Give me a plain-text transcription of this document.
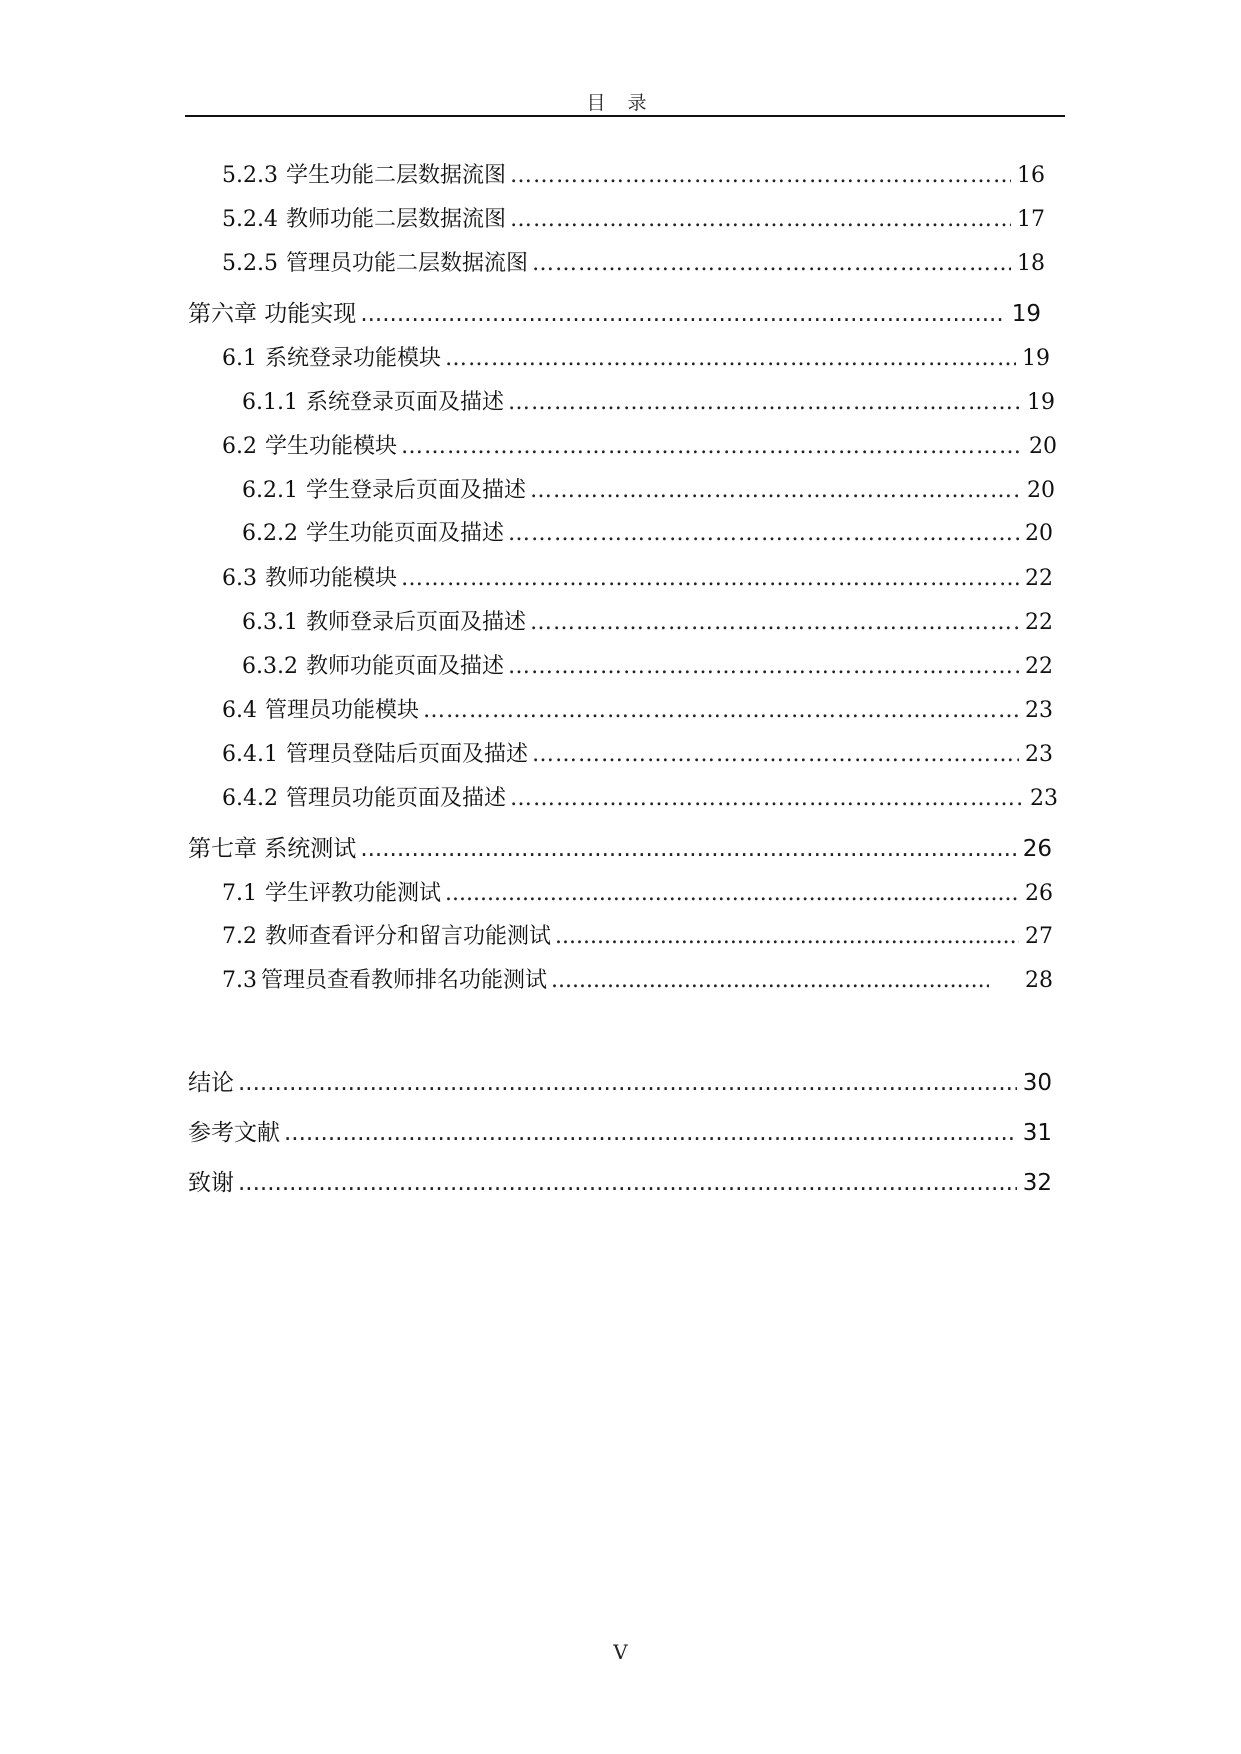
目 录
5.2.3 学生功能二层数据流图 ……………………………………………………………………………………………………………………………………………………………………	16
5.2.4 教师功能二层数据流图 ……………………………………………………………………………………………………………………………………………………………………	17
5.2.5 管理员功能二层数据流图 ……………………………………………………………………………………………………………………………………………………………………	18
第六章 功能实现 .....	19
6.1 系统登录功能模块 ……………………………………………………………………………………………………………………………………………………………………	19
6.1.1 系统登录页面及描述 ……………………………………………………………………………………………………………………………………………………………………	19
6.2 学生功能模块 ……………………………………………………………………………………………………………………………………………………………………	20
6.2.1 学生登录后页面及描述 ……………………………………………………………………………………………………………………………………………………………………	20
6.2.2 学生功能页面及描述 ……………………………………………………………………………………………………………………………………………………………………	20
6.3 教师功能模块 ……………………………………………………………………………………………………………………………………………………………………	22
6.3.1 教师登录后页面及描述 ……………………………………………………………………………………………………………………………………………………………………	22
6.3.2 教师功能页面及描述 ……………………………………………………………………………………………………………………………………………………………………	22
6.4 管理员功能模块 ……………………………………………………………………………………………………………………………………………………………………	23
6.4.1 管理员登陆后页面及描述 ……………………………………………………………………………………………………………………………………………………………………	23
6.4.2 管理员功能页面及描述 ……………………………………………………………………………………………………………………………………………………………………	23
第七章 系统测试 .....	26
7.1 学生评教功能测试 .....	26
7.2 教师查看评分和留言功能测试 .....	27
7.3 管理员查看教师排名功能测试 .....	28
结论 .....	30
参考文献 .....	31
致谢 .....	32
V
